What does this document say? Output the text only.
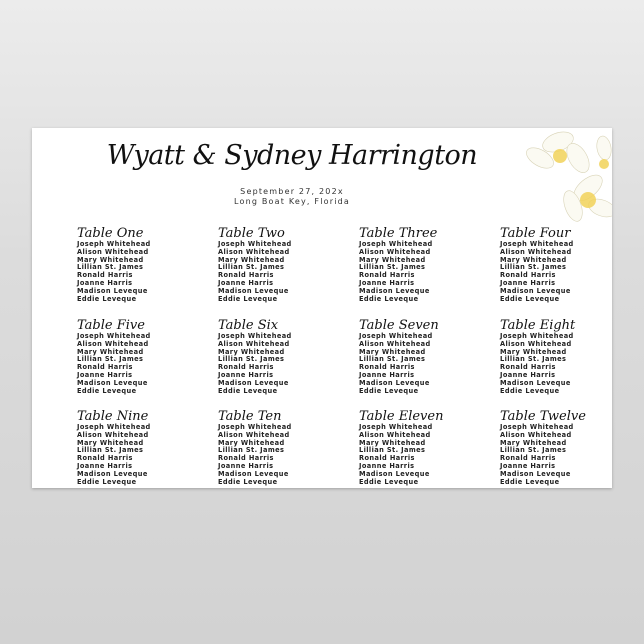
Wyatt & Sydney Harrington
September 27, 202x
Long Boat Key, Florida
Table One
Joseph Whitehead
Alison Whitehead
Mary Whitehead
Lillian St. James
Ronald Harris
Joanne Harris
Madison Leveque
Eddie Leveque
Table Two
Joseph Whitehead
Alison Whitehead
Mary Whitehead
Lillian St. James
Ronald Harris
Joanne Harris
Madison Leveque
Eddie Leveque
Table Three
Joseph Whitehead
Alison Whitehead
Mary Whitehead
Lillian St. James
Ronald Harris
Joanne Harris
Madison Leveque
Eddie Leveque
Table Four
Joseph Whitehead
Alison Whitehead
Mary Whitehead
Lillian St. James
Ronald Harris
Joanne Harris
Madison Leveque
Eddie Leveque
Table Five
Joseph Whitehead
Alison Whitehead
Mary Whitehead
Lillian St. James
Ronald Harris
Joanne Harris
Madison Leveque
Eddie Leveque
Table Six
Joseph Whitehead
Alison Whitehead
Mary Whitehead
Lillian St. James
Ronald Harris
Joanne Harris
Madison Leveque
Eddie Leveque
Table Seven
Joseph Whitehead
Alison Whitehead
Mary Whitehead
Lillian St. James
Ronald Harris
Joanne Harris
Madison Leveque
Eddie Leveque
Table Eight
Joseph Whitehead
Alison Whitehead
Mary Whitehead
Lillian St. James
Ronald Harris
Joanne Harris
Madison Leveque
Eddie Leveque
Table Nine
Joseph Whitehead
Alison Whitehead
Mary Whitehead
Lillian St. James
Ronald Harris
Joanne Harris
Madison Leveque
Eddie Leveque
Table Ten
Joseph Whitehead
Alison Whitehead
Mary Whitehead
Lillian St. James
Ronald Harris
Joanne Harris
Madison Leveque
Eddie Leveque
Table Eleven
Joseph Whitehead
Alison Whitehead
Mary Whitehead
Lillian St. James
Ronald Harris
Joanne Harris
Madison Leveque
Eddie Leveque
Table Twelve
Joseph Whitehead
Alison Whitehead
Mary Whitehead
Lillian St. James
Ronald Harris
Joanne Harris
Madison Leveque
Eddie Leveque
